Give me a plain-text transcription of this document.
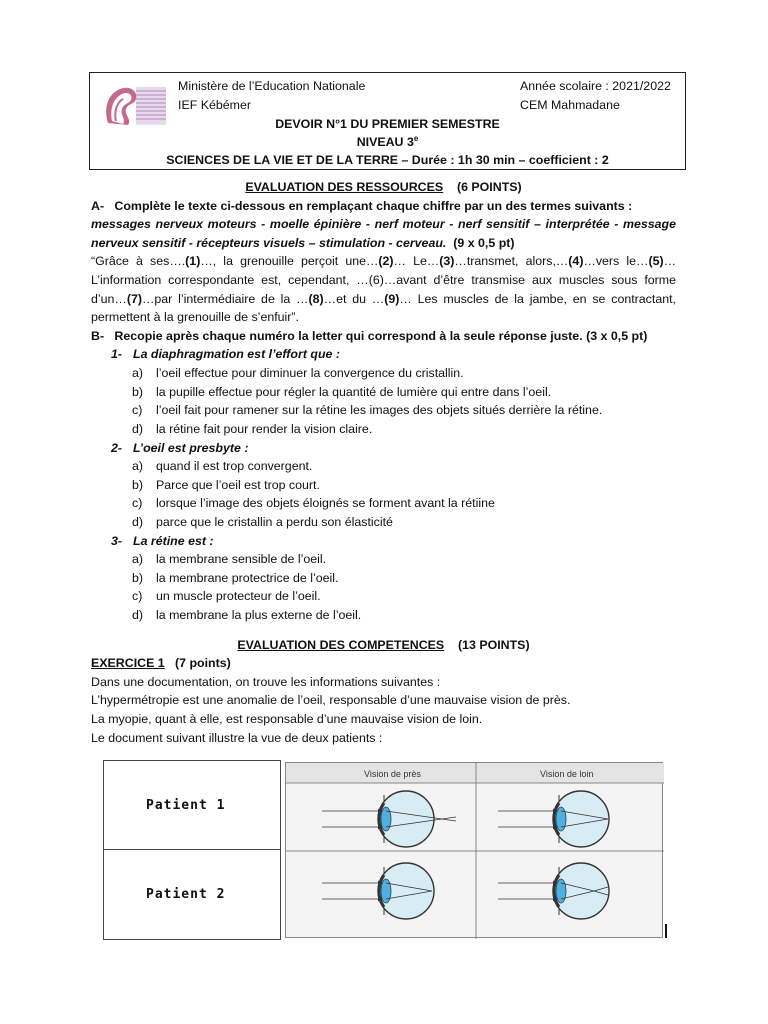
Ministère de l’Education Nationale
IEF Kébémer
Année scolaire : 2021/2022
CEM Mahmadane
DEVOIR N°1 DU PREMIER SEMESTRE
NIVEAU 3e
SCIENCES DE LA VIE ET DE LA TERRE – Durée : 1h 30 min – coefficient : 2

EVALUATION DES RESSOURCES (6 POINTS)

A- Complète le texte ci-dessous en remplaçant chaque chiffre par un des termes suivants :

messages nerveux moteurs - moelle épinière - nerf moteur - nerf sensitif – interprétée - message nerveux sensitif - récepteurs visuels – stimulation - cerveau. (9 x 0,5 pt)

“Grâce à ses….(1)…, la grenouille perçoit une…(2)… Le…(3)…transmet, alors,…(4)…vers le…(5)… L’information correspondante est, cependant, …(6)…avant d’être transmise aux muscles sous forme d’un…(7)…par l’intermédiaire de la …(8)…et du …(9)… Les muscles de la jambe, en se contractant, permettent à la grenouille de s’enfuir”.

B- Recopie après chaque numéro la letter qui correspond à la seule réponse juste. (3 x 0,5 pt)

1- La diaphragmation est l’effort que :

a) l’oeil effectue pour diminuer la convergence du cristallin.

b) la pupille effectue pour régler la quantité de lumière qui entre dans l’oeil.

c) l’oeil fait pour ramener sur la rétine les images des objets situés derrière la rétine.

d) la rétine fait pour render la vision claire.

2- L’oeil est presbyte :

a) quand il est trop convergent.

b) Parce que l’oeil est trop court.

c) lorsque l’image des objets éloignés se forment avant la rétiine

d) parce que le cristallin a perdu son élasticité

3- La rétine est :

a) la membrane sensible de l’oeil.

b) la membrane protectrice de l’oeil.

c) un muscle protecteur de l’oeil.

d) la membrane la plus externe de l’oeil.

EVALUATION DES COMPETENCES (13 POINTS)

EXERCICE 1 (7 points)

Dans une documentation, on trouve les informations suivantes :

L’hypermétropie est une anomalie de l’oeil, responsable d’une mauvaise vision de près.

La myopie, quant à elle, est responsable d’une mauvaise vision de loin.

Le document suivant illustre la vue de deux patients :

Patient 1
Patient 2
Vision de près	Vision de loin
